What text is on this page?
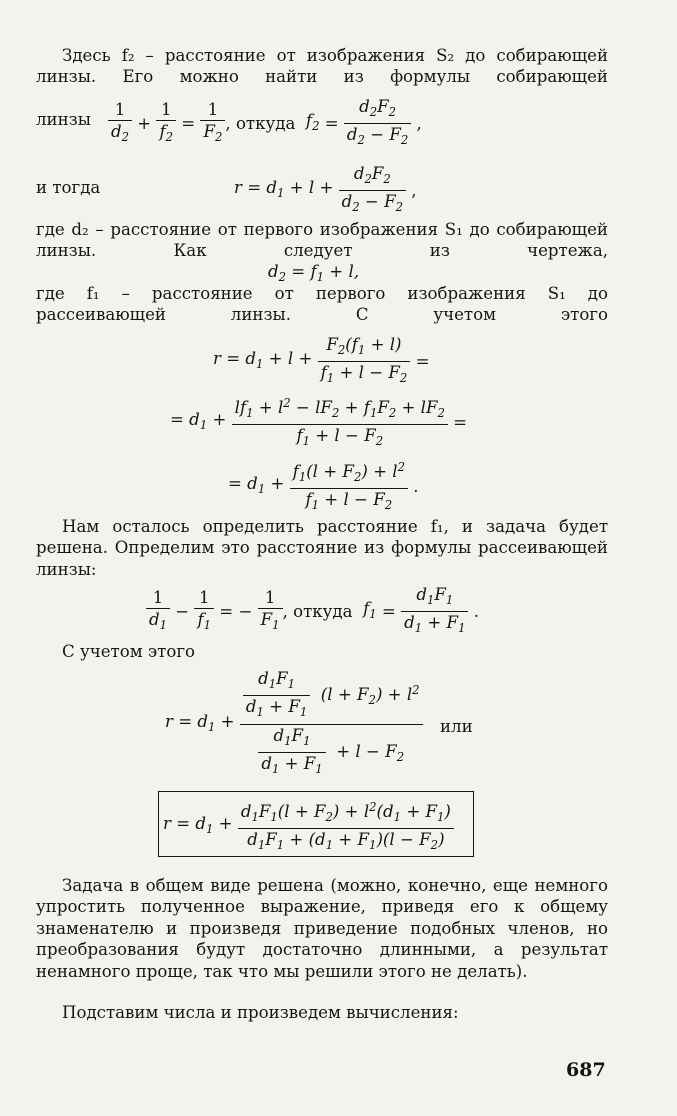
Здесь f₂ – расстояние от изображения S₂ до собирающей линзы. Его можно найти из формулы собирающей
линзы
1
$d_2$
+ $\frac{1}{f_2} = \frac{1}{F_2}$ , откуда $f_2 = \frac{d_2F_2}{d_2 - F_2}$ ,
и тогда	$r = d_1 + l + \frac{d_2F_2}{d_2 - F_2}$ ,
где d₂ – расстояние от первого изображения S₁ до собирающей линзы. Как следует из чертежа,
$d_2 = f_1 + l$,
где f₁ – расстояние от первого изображения S₁ до рассеивающей линзы. С учетом этого
$r = d_1 + l + \frac{F_2(f_1 + l)}{f_1 + l - F_2}$ =
= $d_1 + \frac{lf_1 + l^2 - lF_2 + f_1F_2 + lF_2}{f_1 + l - F_2}$ =
= $d_1 + \frac{f_1(l + F_2) + l^2}{f_1 + l - F_2}$ .
Нам осталось определить расстояние f₁, и задача будет решена. Определим это расстояние из формулы рассеивающей линзы:
1
$d_1$
− $\frac{1}{f_1}$ = − $\frac{1}{F_1}$ , откуда $f_1 = \frac{d_1F_1}{d_1 + F_1}$ .
С учетом этого
$r = d_1 + \frac{\frac{d_1F_1}{d_1 + F_1} (l + F_2) + l^2}{\frac{d_1F_1}{d_1 + F_1} + l - F_2}$ или
$r = d_1 + \frac{d_1F_1(l + F_2) + l^2(d_1 + F_1)}{d_1F_1 + (d_1 + F_1)(l - F_2)}$
Задача в общем виде решена (можно, конечно, еще немного упростить полученное выражение, приведя его к общему знаменателю и произведя приведение подобных членов, но преобразования будут достаточно длинными, а результат ненамного проще, так что мы решили этого не делать).
Подставим числа и произведем вычисления:
687
